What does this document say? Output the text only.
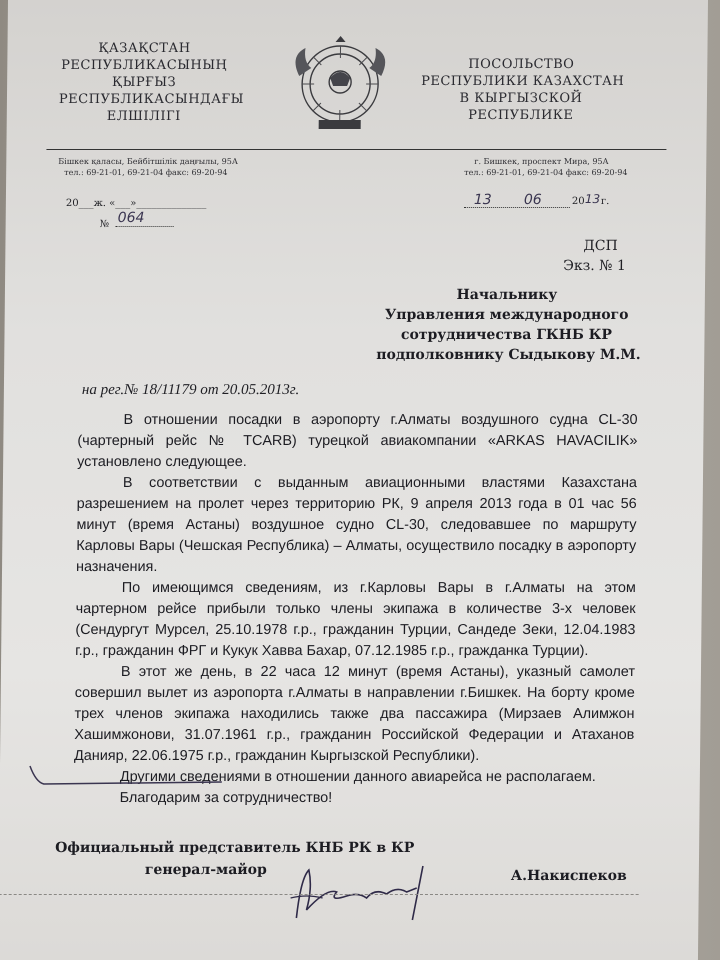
ҚАЗАҚСТАН
РЕСПУБЛИКАСЫНЫҢ
ҚЫРҒЫЗ
РЕСПУБЛИКАСЫНДАҒЫ
ЕЛШІЛІГІ
ПОСОЛЬСТВО
РЕСПУБЛИКИ КАЗАХСТАН
В КЫРГЫЗСКОЙ
РЕСПУБЛИКЕ
Бішкек қаласы, Бейбітшілік даңғылы, 95А
тел.: 69-21-01, 69-21-04 факс: 69-20-94
г. Бишкек, проспект Мира, 95А
тел.: 69-21-01, 69-21-04 факс: 69-20-94
20___ж. «___»______________
№ 064
13 06	20 13 г.
ДСП
Экз. № 1
Начальнику
Управления международного
сотрудничества ГКНБ КР
подполковнику Сыдыкову М.М.
на рег.№ 18/11179 от 20.05.2013г.

В отношении посадки в аэропорту г.Алматы воздушного судна CL-30 (чартерный рейс № TCARB) турецкой авиакомпании «ARKAS HAVACILIK» установлено следующее.

В соответствии с выданным авиационными властями Казахстана разрешением на пролет через территорию РК, 9 апреля 2013 года в 01 час 56 минут (время Астаны) воздушное судно CL-30, следовавшее по маршруту Карловы Вары (Чешская Республика) – Алматы, осуществило посадку в аэропорту назначения.

По имеющимся сведениям, из г.Карловы Вары в г.Алматы на этом чартерном рейсе прибыли только члены экипажа в количестве 3-х человек (Сендургут Мурсел, 25.10.1978 г.р., гражданин Турции, Сандеде Зеки, 12.04.1983 г.р., гражданин ФРГ и Кукук Хавва Бахар, 07.12.1985 г.р., гражданка Турции).

В этот же день, в 22 часа 12 минут (время Астаны), указный самолет совершил вылет из аэропорта г.Алматы в направлении г.Бишкек. На борту кроме трех членов экипажа находились также два пассажира (Мирзаев Алимжон Хашимжонови, 31.07.1961 г.р., гражданин Российской Федерации и Атаханов Данияр, 22.06.1975 г.р., гражданин Кыргызской Республики).

Другими сведениями в отношении данного авиарейса не располагаем.

Благодарим за сотрудничество!

Официальный представитель КНБ РК в КР
генерал-майор	А.Накиспеков
